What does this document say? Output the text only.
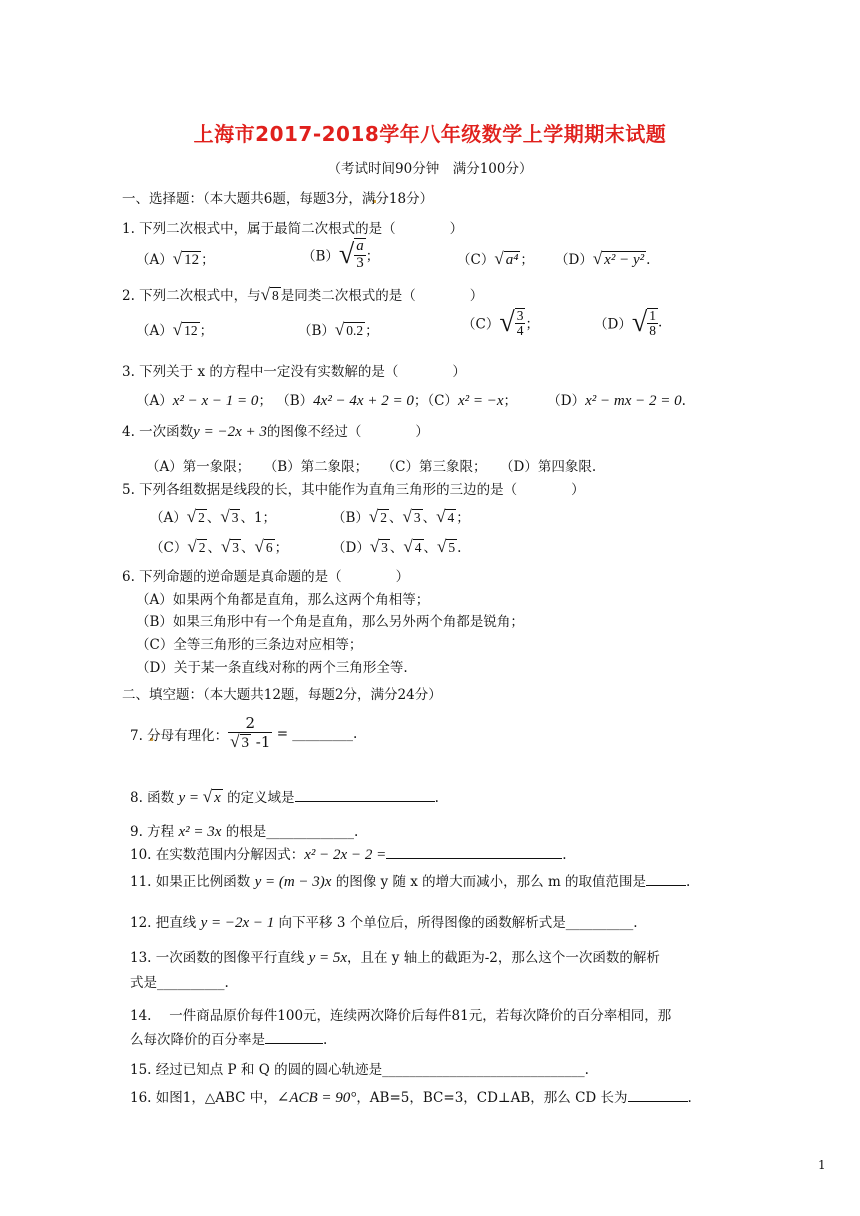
上海市2017-2018学年八年级数学上学期期末试题
（考试时间90分钟　满分100分）
一、选择题：（本大题共6题，每题3分，满分18分）
1. 下列二次根式中，属于最简二次根式的是（　　　　）
（A）√ 12 ；	$(B)√ \frac{a}{3}$ ；	（C）√ a⁴ ； （D）√ x² − y² .
2. 下列二次根式中，与√ 8 是同类二次根式的是（　　　　）
（A）√ 12 ；	（B）√ 0.2 ；	$(C)√ \frac{3}{4}$ ；	$(D)√ \frac{1}{8}$ .
3. 下列关于 x 的方程中一定没有实数解的是（　　　　）
（A）x² − x − 1 = 0； （B）4x² − 4x + 2 = 0；（C）x² = −x； （D）x² − mx − 2 = 0.
4. 一次函数y = −2x + 3的图像不经过（　　　　）
（A）第一象限；　　（B）第二象限；　　（C）第三象限；　　（D）第四象限.
5. 下列各组数据是线段的长，其中能作为直角三角形的三边的是（　　　　）
（A）√ 2 、√ 3 、1；	（B）√ 2 、√ 3 、√ 4 ；
（C）√ 2 、√ 3 、√ 6 ；	（D）√ 3 、√ 4 、√ 5 .
6. 下列命题的逆命题是真命题的是（　　　　）
（A）如果两个角都是直角，那么这两个角相等；
（B）如果三角形中有一个角是直角，那么另外两个角都是锐角；
（C）全等三角形的三条边对应相等；
（D）关于某一条直线对称的两个三角形全等.
二、填空题：（本大题共12题，每题2分，满分24分）
7. 分母有理化： $\frac{2}{√ 3 -1}$ = _________.
8. 函数 y = √ x 的定义域是	.
9. 方程 x² = 3x 的根是_____________.
10. 在实数范围内分解因式：x² − 2x − 2 =	.
11. 如果正比例函数 y = (m − 3)x 的图像 y 随 x 的增大而减小，那么 m 的取值范围是	.
12. 把直线 y = −2x − 1 向下平移 3 个单位后，所得图像的函数解析式是__________.
13. 一次函数的图像平行直线 y = 5x，且在 y 轴上的截距为-2，那么这个一次函数的解析
式是__________.
14.　 一件商品原价每件100元，连续两次降价后每件81元，若每次降价的百分率相同，那
么每次降价的百分率是	.
15. 经过已知点 P 和 Q 的圆的圆心轨迹是______________________________.
16. 如图1，△ABC 中，∠ACB = 90°，AB=5，BC=3，CD⊥AB，那么 CD 长为	.
1
